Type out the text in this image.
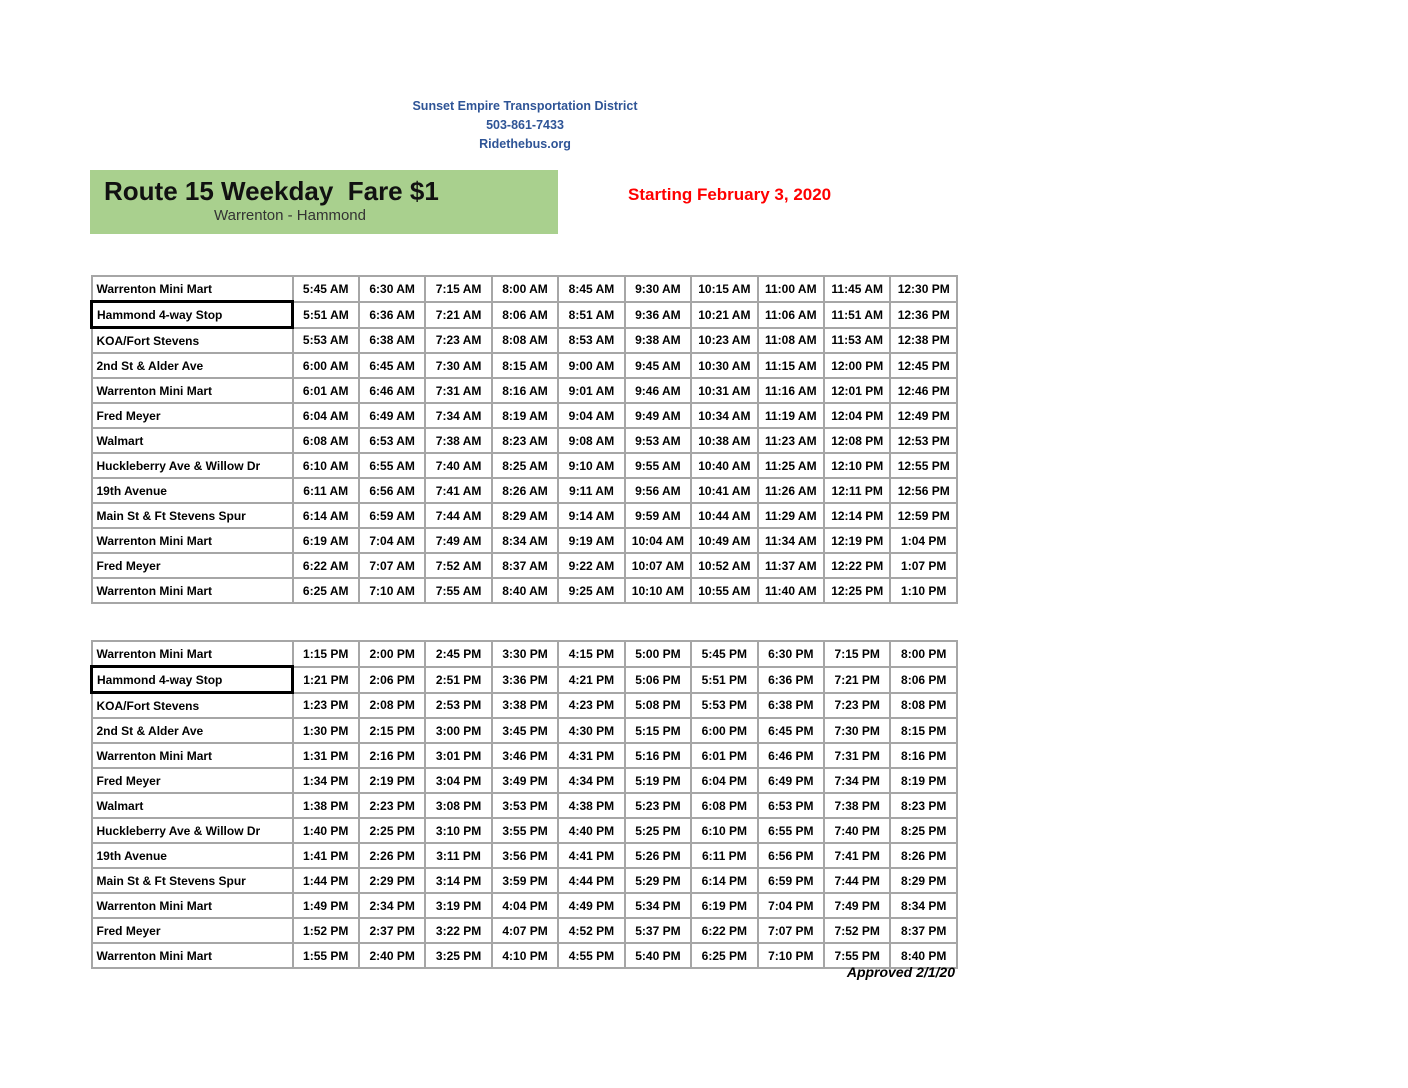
Sunset Empire Transportation District
503-861-7433
Ridethebus.org
Route 15 Weekday  Fare $1
Warrenton - Hammond
Starting February 3, 2020
Warrenton Mini Mart	5:45 AM	6:30 AM	7:15 AM	8:00 AM	8:45 AM	9:30 AM	10:15 AM	11:00 AM	11:45 AM	12:30 PM
Hammond 4-way Stop	5:51 AM	6:36 AM	7:21 AM	8:06 AM	8:51 AM	9:36 AM	10:21 AM	11:06 AM	11:51 AM	12:36 PM
KOA/Fort Stevens	5:53 AM	6:38 AM	7:23 AM	8:08 AM	8:53 AM	9:38 AM	10:23 AM	11:08 AM	11:53 AM	12:38 PM
2nd St & Alder Ave	6:00 AM	6:45 AM	7:30 AM	8:15 AM	9:00 AM	9:45 AM	10:30 AM	11:15 AM	12:00 PM	12:45 PM
Warrenton Mini Mart	6:01 AM	6:46 AM	7:31 AM	8:16 AM	9:01 AM	9:46 AM	10:31 AM	11:16 AM	12:01 PM	12:46 PM
Fred Meyer	6:04 AM	6:49 AM	7:34 AM	8:19 AM	9:04 AM	9:49 AM	10:34 AM	11:19 AM	12:04 PM	12:49 PM
Walmart	6:08 AM	6:53 AM	7:38 AM	8:23 AM	9:08 AM	9:53 AM	10:38 AM	11:23 AM	12:08 PM	12:53 PM
Huckleberry Ave & Willow Dr	6:10 AM	6:55 AM	7:40 AM	8:25 AM	9:10 AM	9:55 AM	10:40 AM	11:25 AM	12:10 PM	12:55 PM
19th Avenue	6:11 AM	6:56 AM	7:41 AM	8:26 AM	9:11 AM	9:56 AM	10:41 AM	11:26 AM	12:11 PM	12:56 PM
Main St & Ft Stevens Spur	6:14 AM	6:59 AM	7:44 AM	8:29 AM	9:14 AM	9:59 AM	10:44 AM	11:29 AM	12:14 PM	12:59 PM
Warrenton Mini Mart	6:19 AM	7:04 AM	7:49 AM	8:34 AM	9:19 AM	10:04 AM	10:49 AM	11:34 AM	12:19 PM	1:04 PM
Fred Meyer	6:22 AM	7:07 AM	7:52 AM	8:37 AM	9:22 AM	10:07 AM	10:52 AM	11:37 AM	12:22 PM	1:07 PM
Warrenton Mini Mart	6:25 AM	7:10 AM	7:55 AM	8:40 AM	9:25 AM	10:10 AM	10:55 AM	11:40 AM	12:25 PM	1:10 PM
Warrenton Mini Mart	1:15 PM	2:00 PM	2:45 PM	3:30 PM	4:15 PM	5:00 PM	5:45 PM	6:30 PM	7:15 PM	8:00 PM
Hammond 4-way Stop	1:21 PM	2:06 PM	2:51 PM	3:36 PM	4:21 PM	5:06 PM	5:51 PM	6:36 PM	7:21 PM	8:06 PM
KOA/Fort Stevens	1:23 PM	2:08 PM	2:53 PM	3:38 PM	4:23 PM	5:08 PM	5:53 PM	6:38 PM	7:23 PM	8:08 PM
2nd St & Alder Ave	1:30 PM	2:15 PM	3:00 PM	3:45 PM	4:30 PM	5:15 PM	6:00 PM	6:45 PM	7:30 PM	8:15 PM
Warrenton Mini Mart	1:31 PM	2:16 PM	3:01 PM	3:46 PM	4:31 PM	5:16 PM	6:01 PM	6:46 PM	7:31 PM	8:16 PM
Fred Meyer	1:34 PM	2:19 PM	3:04 PM	3:49 PM	4:34 PM	5:19 PM	6:04 PM	6:49 PM	7:34 PM	8:19 PM
Walmart	1:38 PM	2:23 PM	3:08 PM	3:53 PM	4:38 PM	5:23 PM	6:08 PM	6:53 PM	7:38 PM	8:23 PM
Huckleberry Ave & Willow Dr	1:40 PM	2:25 PM	3:10 PM	3:55 PM	4:40 PM	5:25 PM	6:10 PM	6:55 PM	7:40 PM	8:25 PM
19th Avenue	1:41 PM	2:26 PM	3:11 PM	3:56 PM	4:41 PM	5:26 PM	6:11 PM	6:56 PM	7:41 PM	8:26 PM
Main St & Ft Stevens Spur	1:44 PM	2:29 PM	3:14 PM	3:59 PM	4:44 PM	5:29 PM	6:14 PM	6:59 PM	7:44 PM	8:29 PM
Warrenton Mini Mart	1:49 PM	2:34 PM	3:19 PM	4:04 PM	4:49 PM	5:34 PM	6:19 PM	7:04 PM	7:49 PM	8:34 PM
Fred Meyer	1:52 PM	2:37 PM	3:22 PM	4:07 PM	4:52 PM	5:37 PM	6:22 PM	7:07 PM	7:52 PM	8:37 PM
Warrenton Mini Mart	1:55 PM	2:40 PM	3:25 PM	4:10 PM	4:55 PM	5:40 PM	6:25 PM	7:10 PM	7:55 PM	8:40 PM
Approved 2/1/20
